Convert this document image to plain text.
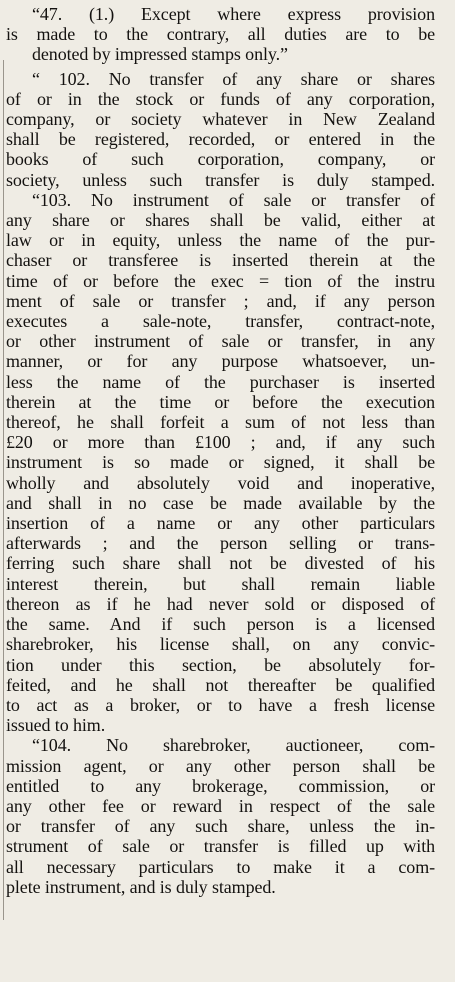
“47. (1.) Except where express provision
is made to the contrary, all duties are to be
denoted by impressed stamps only.”
“ 102. No transfer of any share or shares
of or in the stock or funds of any corporation,
company, or society whatever in New Zealand
shall be registered, recorded, or entered in the
books of such corporation, company, or
society, unless such transfer is duly stamped.
“103. No instrument of sale or transfer of
any share or shares shall be valid, either at
law or in equity, unless the name of the pur-
chaser or transferee is inserted therein at the
time of or before the exec = tion of the instru
ment of sale or transfer ; and, if any person
executes a sale-note, transfer, contract-note,
or other instrument of sale or transfer, in any
manner, or for any purpose whatsoever, un-
less the name of the purchaser is inserted
therein at the time or before the execution
thereof, he shall forfeit a sum of not less than
£20 or more than £100 ; and, if any such
instrument is so made or signed, it shall be
wholly and absolutely void and inoperative,
and shall in no case be made available by the
insertion of a name or any other particulars
afterwards ; and the person selling or trans-
ferring such share shall not be divested of his
interest therein, but shall remain liable
thereon as if he had never sold or disposed of
the same. And if such person is a licensed
sharebroker, his license shall, on any convic-
tion under this section, be absolutely for-
feited, and he shall not thereafter be qualified
to act as a broker, or to have a fresh license
issued to him.
“104. No sharebroker, auctioneer, com-
mission agent, or any other person shall be
entitled to any brokerage, commission, or
any other fee or reward in respect of the sale
or transfer of any such share, unless the in-
strument of sale or transfer is filled up with
all necessary particulars to make it a com-
plete instrument, and is duly stamped.
